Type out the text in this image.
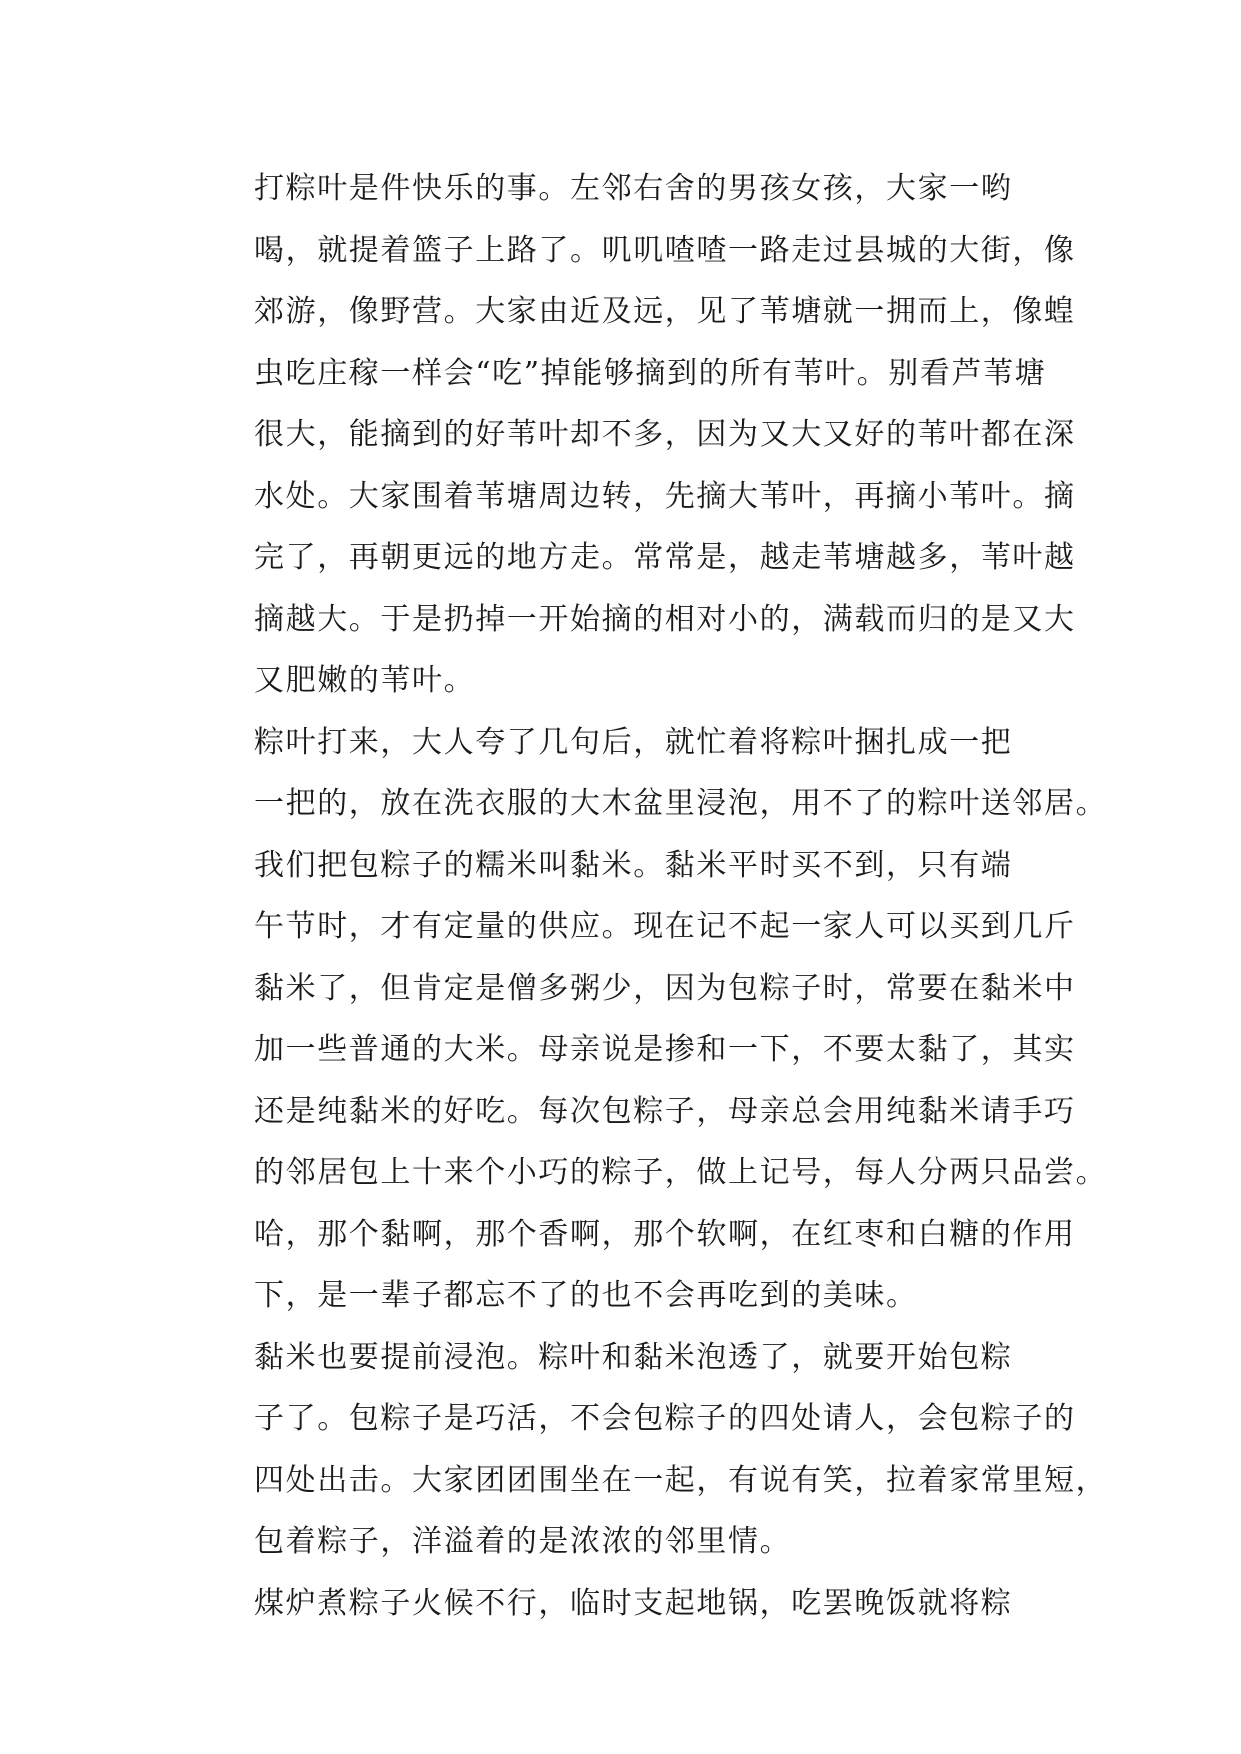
打粽叶是件快乐的事。左邻右舍的男孩女孩，大家一哟
喝，就提着篮子上路了。叽叽喳喳一路走过县城的大街，像
郊游，像野营。大家由近及远，见了苇塘就一拥而上，像蝗
虫吃庄稼一样会“吃”掉能够摘到的所有苇叶。别看芦苇塘
很大，能摘到的好苇叶却不多，因为又大又好的苇叶都在深
水处。大家围着苇塘周边转，先摘大苇叶，再摘小苇叶。摘
完了，再朝更远的地方走。常常是，越走苇塘越多，苇叶越
摘越大。于是扔掉一开始摘的相对小的，满载而归的是又大
又肥嫩的苇叶。

粽叶打来，大人夸了几句后，就忙着将粽叶捆扎成一把
一把的，放在洗衣服的大木盆里浸泡，用不了的粽叶送邻居。

我们把包粽子的糯米叫黏米。黏米平时买不到，只有端
午节时，才有定量的供应。现在记不起一家人可以买到几斤
黏米了，但肯定是僧多粥少，因为包粽子时，常要在黏米中
加一些普通的大米。母亲说是掺和一下，不要太黏了，其实
还是纯黏米的好吃。每次包粽子，母亲总会用纯黏米请手巧
的邻居包上十来个小巧的粽子，做上记号，每人分两只品尝。
哈，那个黏啊，那个香啊，那个软啊，在红枣和白糖的作用
下，是一辈子都忘不了的也不会再吃到的美味。

黏米也要提前浸泡。粽叶和黏米泡透了，就要开始包粽
子了。包粽子是巧活，不会包粽子的四处请人，会包粽子的
四处出击。大家团团围坐在一起，有说有笑，拉着家常里短，
包着粽子，洋溢着的是浓浓的邻里情。

煤炉煮粽子火候不行，临时支起地锅，吃罢晚饭就将粽
